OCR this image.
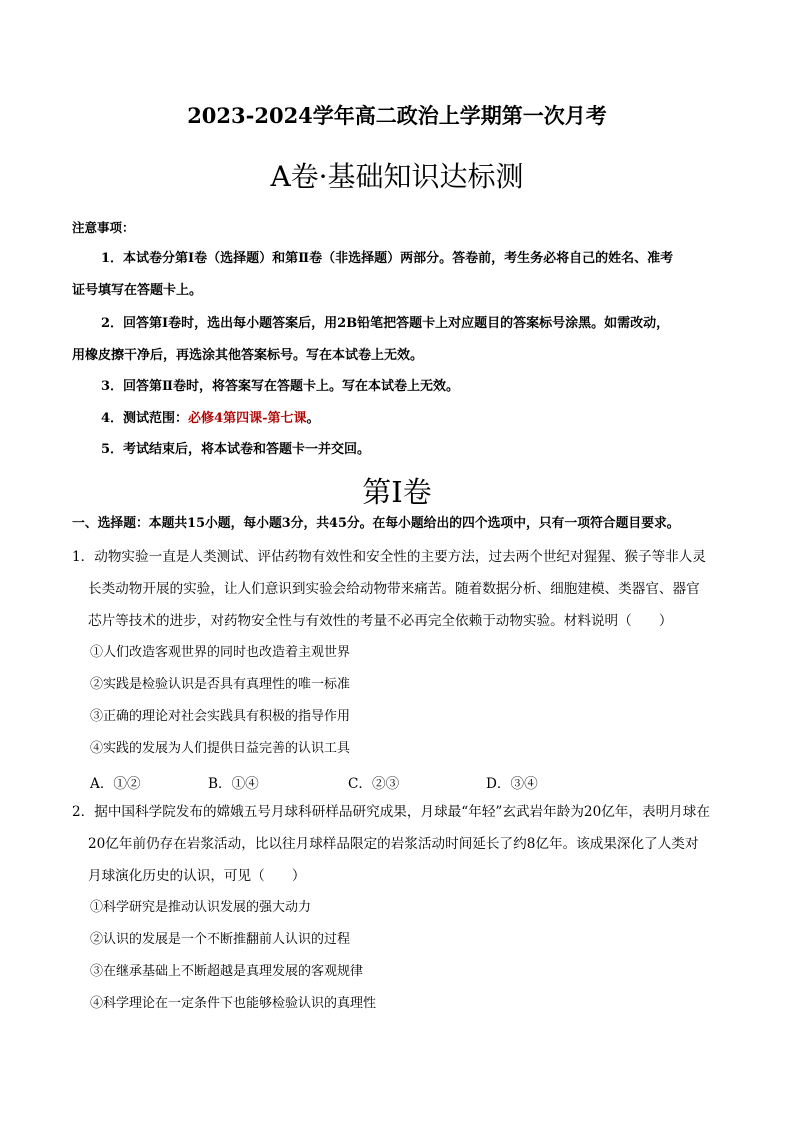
2023-2024学年高二政治上学期第一次月考
A卷·基础知识达标测
注意事项：
1．本试卷分第Ⅰ卷（选择题）和第Ⅱ卷（非选择题）两部分。答卷前，考生务必将自己的姓名、准考
证号填写在答题卡上。
2．回答第Ⅰ卷时，选出每小题答案后，用2B铅笔把答题卡上对应题目的答案标号涂黑。如需改动，
用橡皮擦干净后，再选涂其他答案标号。写在本试卷上无效。
3．回答第Ⅱ卷时，将答案写在答题卡上。写在本试卷上无效。
4．测试范围：必修4第四课-第七课。
5．考试结束后，将本试卷和答题卡一并交回。
第Ⅰ卷
一、选择题：本题共15小题，每小题3分，共45分。在每小题给出的四个选项中，只有一项符合题目要求。
1．动物实验一直是人类测试、评估药物有效性和安全性的主要方法，过去两个世纪对猩猩、猴子等非人灵
长类动物开展的实验，让人们意识到实验会给动物带来痛苦。随着数据分析、细胞建模、类器官、器官
芯片等技术的进步，对药物安全性与有效性的考量不必再完全依赖于动物实验。材料说明（　　）
①人们改造客观世界的同时也改造着主观世界
②实践是检验认识是否具有真理性的唯一标准
③正确的理论对社会实践具有积极的指导作用
④实践的发展为人们提供日益完善的认识工具
A．①②	B．①④	C．②③	D．③④
2．据中国科学院发布的嫦娥五号月球科研样品研究成果，月球最“年轻”玄武岩年龄为20亿年，表明月球在
20亿年前仍存在岩浆活动，比以往月球样品限定的岩浆活动时间延长了约8亿年。该成果深化了人类对
月球演化历史的认识，可见（　　）
①科学研究是推动认识发展的强大动力
②认识的发展是一个不断推翻前人认识的过程
③在继承基础上不断超越是真理发展的客观规律
④科学理论在一定条件下也能够检验认识的真理性
